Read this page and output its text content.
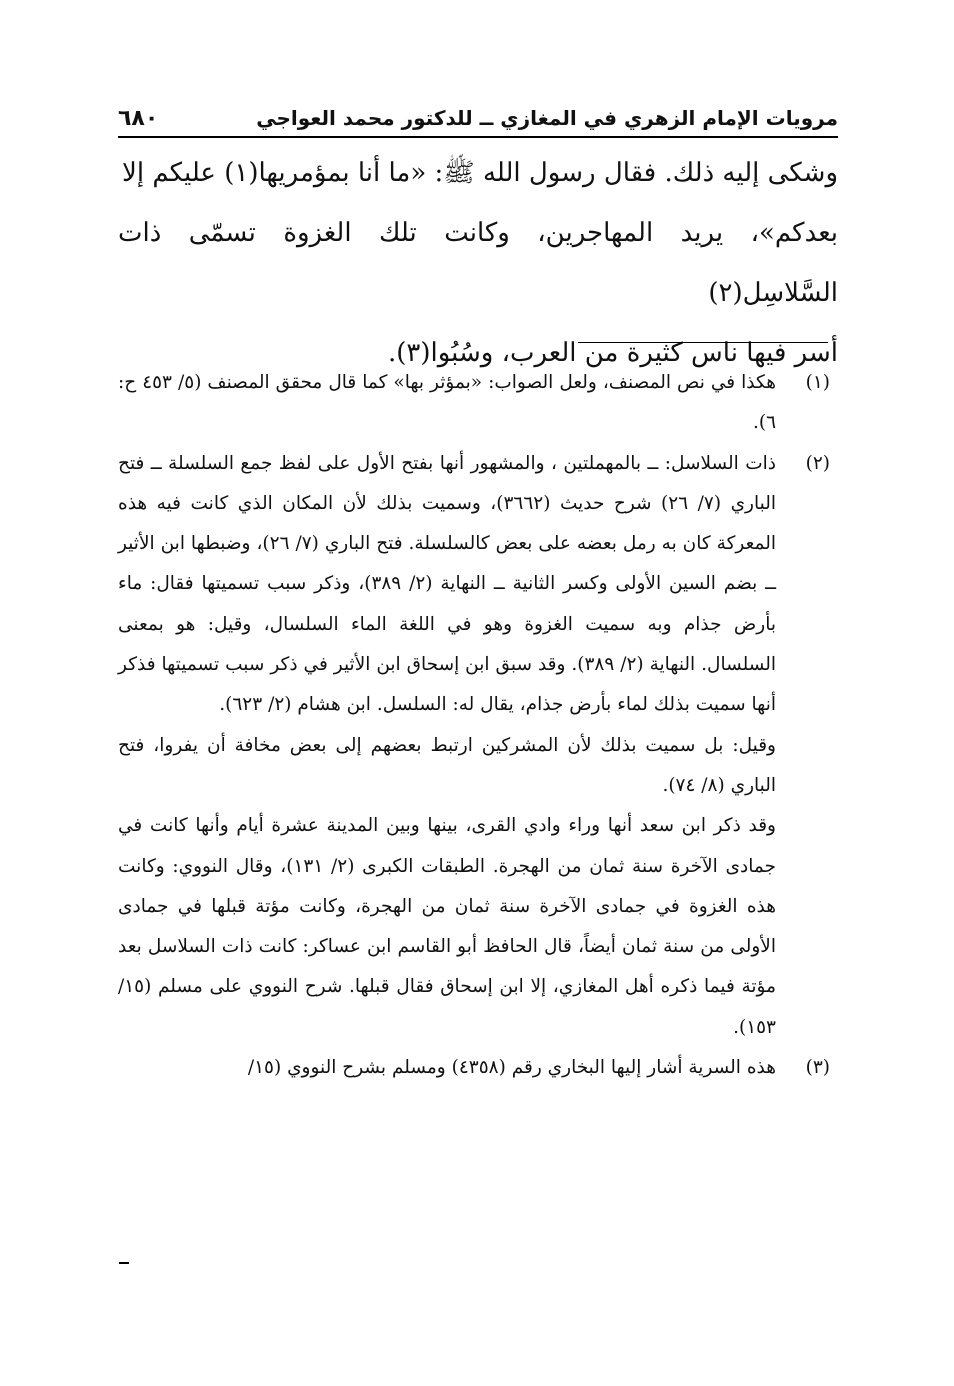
مرويات الإمام الزهري في المغازي ــ للدكتور محمد العواجي
٦٨٠

وشكى إليه ذلك. فقال رسول الله ﷺ: «ما أنا بمؤمريها(١) عليكم إلا

بعدكم»، يريد المهاجرين، وكانت تلك الغزوة تسمّى ذات السَّلاسِل(٢)

أسر فيها ناس كثيرة من العرب، وسُبُوا(٣).

(١)

هكذا في نص المصنف، ولعل الصواب: «بمؤثر بها» كما قال محقق المصنف (٥/ ٤٥٣ ح: ٦).

(٢)

ذات السلاسل: ــ بالمهملتين ، والمشهور أنها بفتح الأول على لفظ جمع السلسلة ــ فتح الباري (٧/ ٢٦) شرح حديث (٣٦٦٢)، وسميت بذلك لأن المكان الذي كانت فيه هذه المعركة كان به رمل بعضه على بعض كالسلسلة. فتح الباري (٧/ ٢٦)، وضبطها ابن الأثير ــ بضم السين الأولى وكسر الثانية ــ النهاية (٢/ ٣٨٩)، وذكر سبب تسميتها فقال: ماء بأرض جذام وبه سميت الغزوة وهو في اللغة الماء السلسال، وقيل: هو بمعنى السلسال. النهاية (٢/ ٣٨٩). وقد سبق ابن إسحاق ابن الأثير في ذكر سبب تسميتها فذكر أنها سميت بذلك لماء بأرض جذام، يقال له: السلسل. ابن هشام (٢/ ٦٢٣).

وقيل: بل سميت بذلك لأن المشركين ارتبط بعضهم إلى بعض مخافة أن يفروا، فتح الباري (٨/ ٧٤).

وقد ذكر ابن سعد أنها وراء وادي القرى، بينها وبين المدينة عشرة أيام وأنها كانت في جمادى الآخرة سنة ثمان من الهجرة. الطبقات الكبرى (٢/ ١٣١)، وقال النووي: وكانت هذه الغزوة في جمادى الآخرة سنة ثمان من الهجرة، وكانت مؤتة قبلها في جمادى الأولى من سنة ثمان أيضاً، قال الحافظ أبو القاسم ابن عساكر: كانت ذات السلاسل بعد مؤتة فيما ذكره أهل المغازي، إلا ابن إسحاق فقال قبلها. شرح النووي على مسلم (١٥/ ١٥٣).

(٣)

هذه السرية أشار إليها البخاري رقم (٤٣٥٨) ومسلم بشرح النووي (١٥/
